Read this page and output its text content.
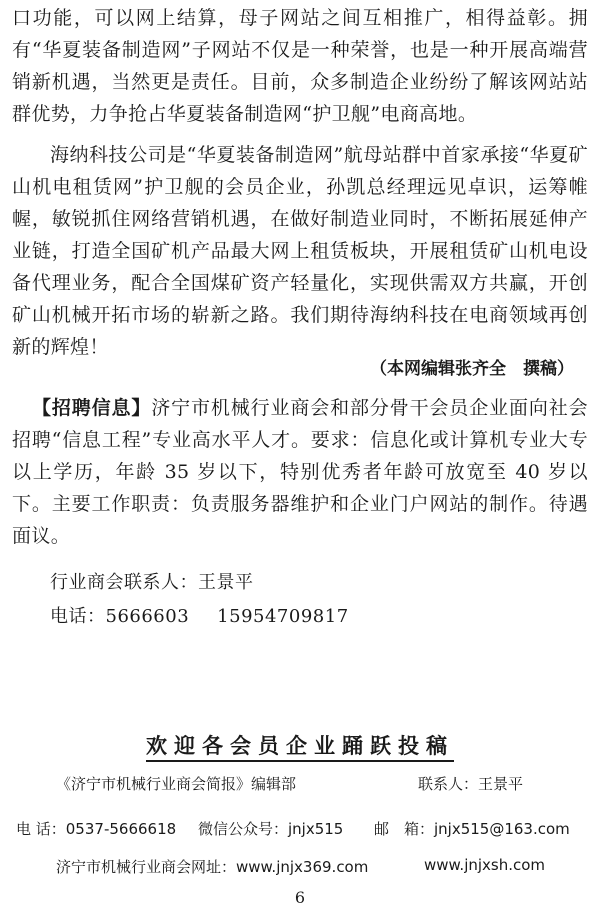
口功能，可以网上结算，母子网站之间互相推广，相得益彰。拥有“华夏装备制造网”子网站不仅是一种荣誉，也是一种开展高端营销新机遇，当然更是责任。目前，众多制造企业纷纷了解该网站站群优势，力争抢占华夏装备制造网“护卫舰”电商高地。

海纳科技公司是“华夏装备制造网”航母站群中首家承接“华夏矿山机电租赁网”护卫舰的会员企业，孙凯总经理远见卓识，运筹帷幄，敏锐抓住网络营销机遇，在做好制造业同时，不断拓展延伸产业链，打造全国矿机产品最大网上租赁板块，开展租赁矿山机电设备代理业务，配合全国煤矿资产轻量化，实现供需双方共赢，开创矿山机械开拓市场的崭新之路。我们期待海纳科技在电商领域再创新的辉煌！

（本网编辑张齐全　撰稿）

【招聘信息】济宁市机械行业商会和部分骨干会员企业面向社会招聘“信息工程”专业高水平人才。要求：信息化或计算机专业大专以上学历，年龄 35 岁以下，特别优秀者年龄可放宽至 40 岁以下。主要工作职责：负责服务器维护和企业门户网站的制作。待遇面议。

行业商会联系人：王景平

电话：5666603 15954709817

欢迎各会员企业踊跃投稿
《济宁市机械行业商会简报》编辑部	联系人：王景平
电 话：0537-5666618 微信公众号：jnjx515 邮　箱：jnjx515@163.com
济宁市机械行业商会网址：www.jnjx369.com	www.jnjxsh.com
6
